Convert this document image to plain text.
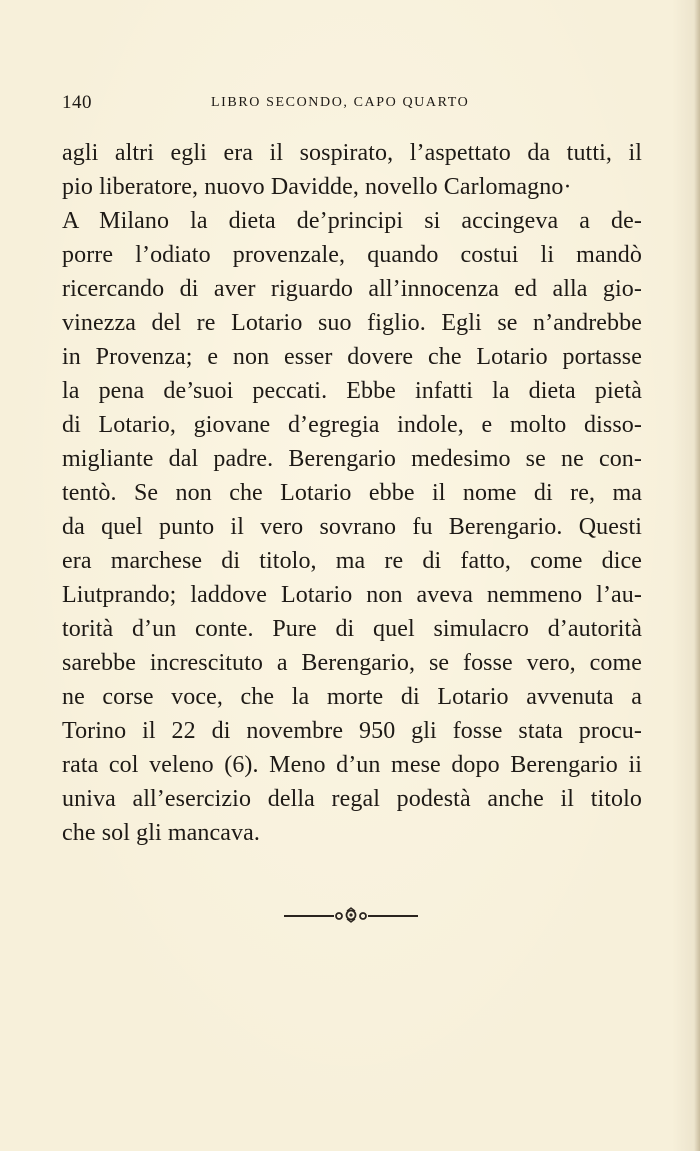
140	LIBRO SECONDO, CAPO QUARTO
agli altri egli era il sospirato, l’aspettato da tutti, il
pio liberatore, nuovo Davidde, novello Carlomagno·
A Milano la dieta de’principi si accingeva a de-
porre l’odiato provenzale, quando costui li mandò
ricercando di aver riguardo all’innocenza ed alla gio-
vinezza del re Lotario suo figlio. Egli se n’andrebbe
in Provenza; e non esser dovere che Lotario portasse
la pena de’suoi peccati. Ebbe infatti la dieta pietà
di Lotario, giovane d’egregia indole, e molto disso-
migliante dal padre. Berengario medesimo se ne con-
tentò. Se non che Lotario ebbe il nome di re, ma
da quel punto il vero sovrano fu Berengario. Questi
era marchese di titolo, ma re di fatto, come dice
Liutprando; laddove Lotario non aveva nemmeno l’au-
torità d’un conte. Pure di quel simulacro d’autorità
sarebbe increscituto a Berengario, se fosse vero, come
ne corse voce, che la morte di Lotario avvenuta a
Torino il 22 di novembre 950 gli fosse stata procu-
rata col veleno (6). Meno d’un mese dopo Berengario ii
univa all’esercizio della regal podestà anche il titolo
che sol gli mancava.
